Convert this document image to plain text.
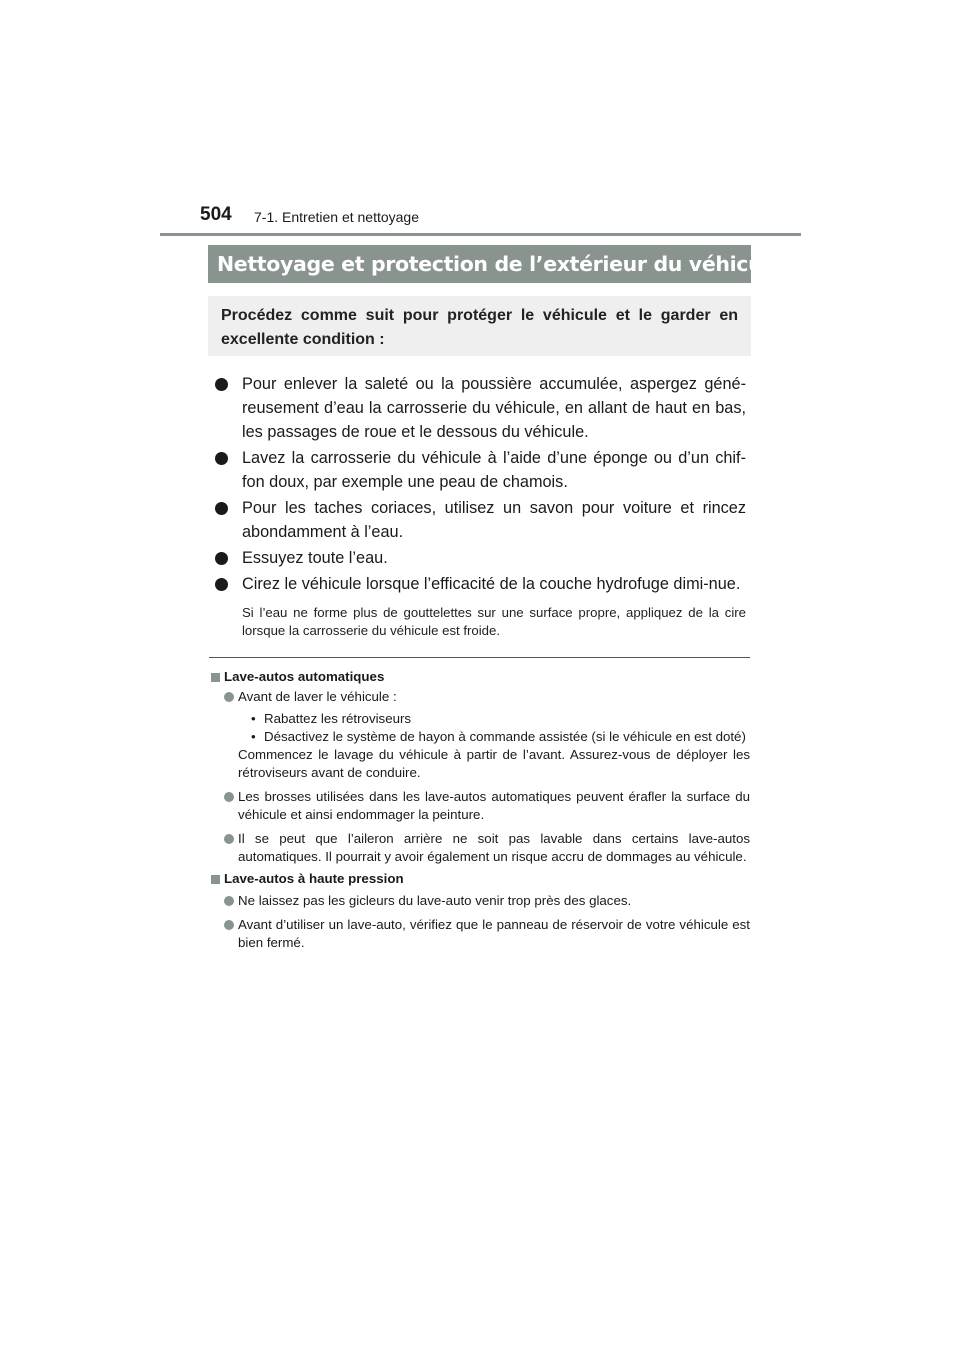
504 7-1. Entretien et nettoyage
Nettoyage et protection de l’extérieur du véhicule

Procédez comme suit pour protéger le véhicule et le garder en excellente condition :

Pour enlever la saleté ou la poussière accumulée, aspergez géné-reusement d’eau la carrosserie du véhicule, en allant de haut en bas, les passages de roue et le dessous du véhicule.
Lavez la carrosserie du véhicule à l’aide d’une éponge ou d’un chif-fon doux, par exemple une peau de chamois.
Pour les taches coriaces, utilisez un savon pour voiture et rincez abondamment à l’eau.
Essuyez toute l’eau.
Cirez le véhicule lorsque l’efficacité de la couche hydrofuge dimi-nue.

Si l’eau ne forme plus de gouttelettes sur une surface propre, appliquez de la cire lorsque la carrosserie du véhicule est froide.

Lave-autos automatiques
Avant de laver le véhicule :
• Rabattez les rétroviseurs
• Désactivez le système de hayon à commande assistée (si le véhicule en est doté)
Commencez le lavage du véhicule à partir de l’avant. Assurez-vous de déployer les rétroviseurs avant de conduire.
Les brosses utilisées dans les lave-autos automatiques peuvent érafler la surface du véhicule et ainsi endommager la peinture.
Il se peut que l’aileron arrière ne soit pas lavable dans certains lave-autos automatiques. Il pourrait y avoir également un risque accru de dommages au véhicule.
Lave-autos à haute pression
Ne laissez pas les gicleurs du lave-auto venir trop près des glaces.
Avant d’utiliser un lave-auto, vérifiez que le panneau de réservoir de votre véhicule est bien fermé.
